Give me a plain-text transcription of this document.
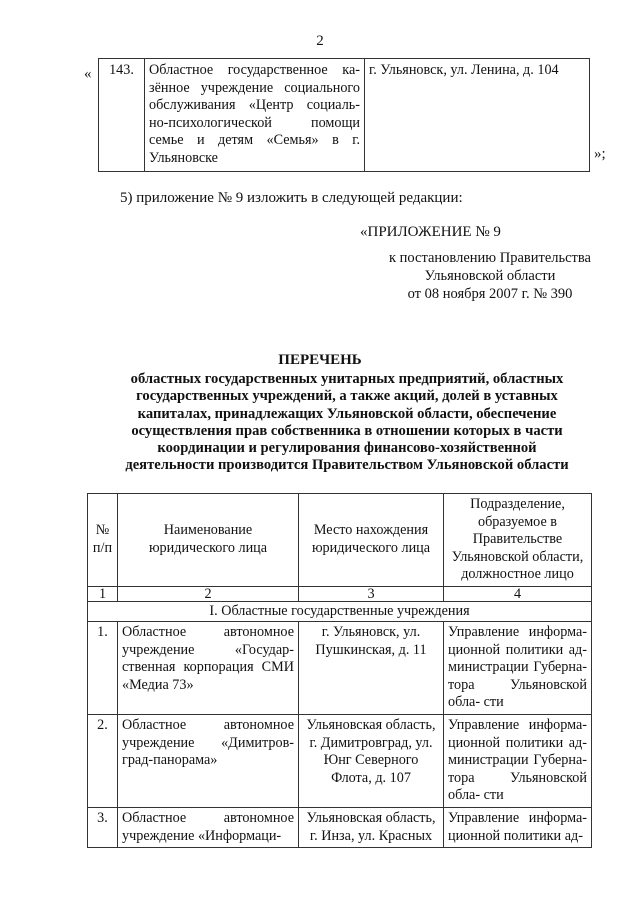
2
« 143.	Областное государственное ка- зённое учреждение социального обслуживания «Центр социаль- но-психологической помощи семье и детям «Семья» в г. Ульяновске	г. Ульяновск, ул. Ленина, д. 104
»;
5) приложение № 9 изложить в следующей редакции:
«ПРИЛОЖЕНИЕ № 9
к постановлению Правительства
Ульяновской области
от 08 ноября 2007 г. № 390
ПЕРЕЧЕНЬ
областных государственных унитарных предприятий, областных государственных учреждений, а также акций, долей в уставных капиталах, принадлежащих Ульяновской области, обеспечение осуществления прав собственника в отношении которых в части координации и регулирования финансово-хозяйственной деятельности производится Правительством Ульяновской области
№ п/п	Наименование юридического лица	Место нахождения юридического лица	Подразделение, образуемое в Правительстве Ульяновской области, должностное лицо
1	2	3	4
I. Областные государственные учреждения			
1.	Областное автономное учреждение «Государ- ственная корпорация СМИ «Медиа 73»	г. Ульяновск, ул. Пушкинская, д. 11	Управление информа- ционной политики ад- министрации Губерна- тора Ульяновской обла- сти
2.	Областное автономное учреждение «Димитров- град-панорама»	Ульяновская область, г. Димитровград, ул. Юнг Северного Флота, д. 107	Управление информа- ционной политики ад- министрации Губерна- тора Ульяновской обла- сти
3.	Областное автономное учреждение «Информаци-	Ульяновская область, г. Инза, ул. Красных	Управление информа- ционной политики ад-
